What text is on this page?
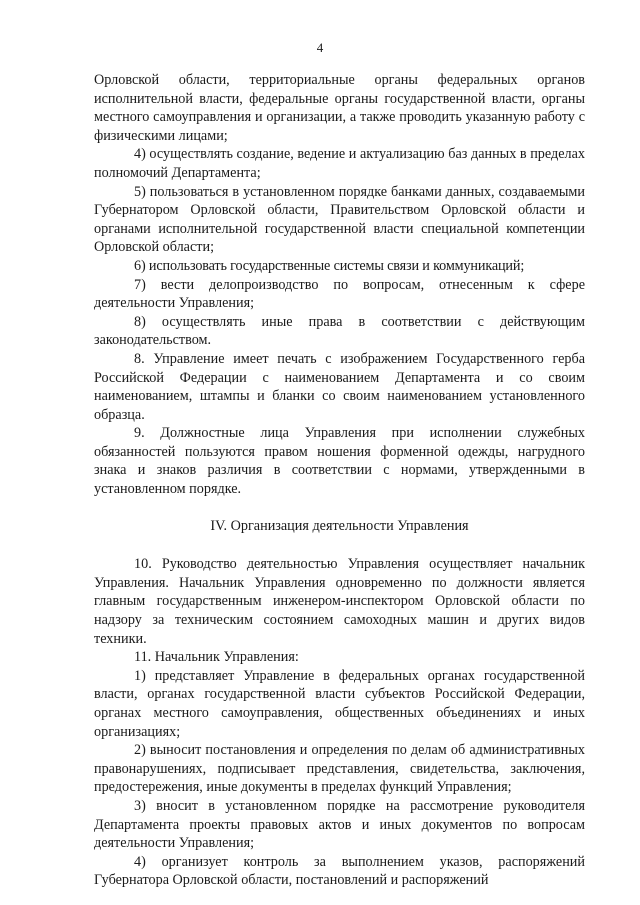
4

Орловской области, территориальные органы федеральных органов исполнительной власти, федеральные органы государственной власти, органы местного самоуправления и организации, а также проводить указанную работу с физическими лицами;

4) осуществлять создание, ведение и актуализацию баз данных в пределах полномочий Департамента;

5) пользоваться в установленном порядке банками данных, создаваемыми Губернатором Орловской области, Правительством Орловской области и органами исполнительной государственной власти специальной компетенции Орловской области;

6) использовать государственные системы связи и коммуникаций;

7) вести делопроизводство по вопросам, отнесенным к сфере деятельности Управления;

8) осуществлять иные права в соответствии с действующим законодательством.

8. Управление имеет печать с изображением Государственного герба Российской Федерации с наименованием Департамента и со своим наименованием, штампы и бланки со своим наименованием установленного образца.

9. Должностные лица Управления при исполнении служебных обязанностей пользуются правом ношения форменной одежды, нагрудного знака и знаков различия в соответствии с нормами, утвержденными в установленном порядке.

IV. Организация деятельности Управления

10. Руководство деятельностью Управления осуществляет начальник Управления. Начальник Управления одновременно по должности является главным государственным инженером-инспектором Орловской области по надзору за техническим состоянием самоходных машин и других видов техники.

11. Начальник Управления:

1) представляет Управление в федеральных органах государственной власти, органах государственной власти субъектов Российской Федерации, органах местного самоуправления, общественных объединениях и иных организациях;

2) выносит постановления и определения по делам об административных правонарушениях, подписывает представления, свидетельства, заключения, предостережения, иные документы в пределах функций Управления;

3) вносит в установленном порядке на рассмотрение руководителя Департамента проекты правовых актов и иных документов по вопросам деятельности Управления;

4) организует контроль за выполнением указов, распоряжений Губернатора Орловской области, постановлений и распоряжений
